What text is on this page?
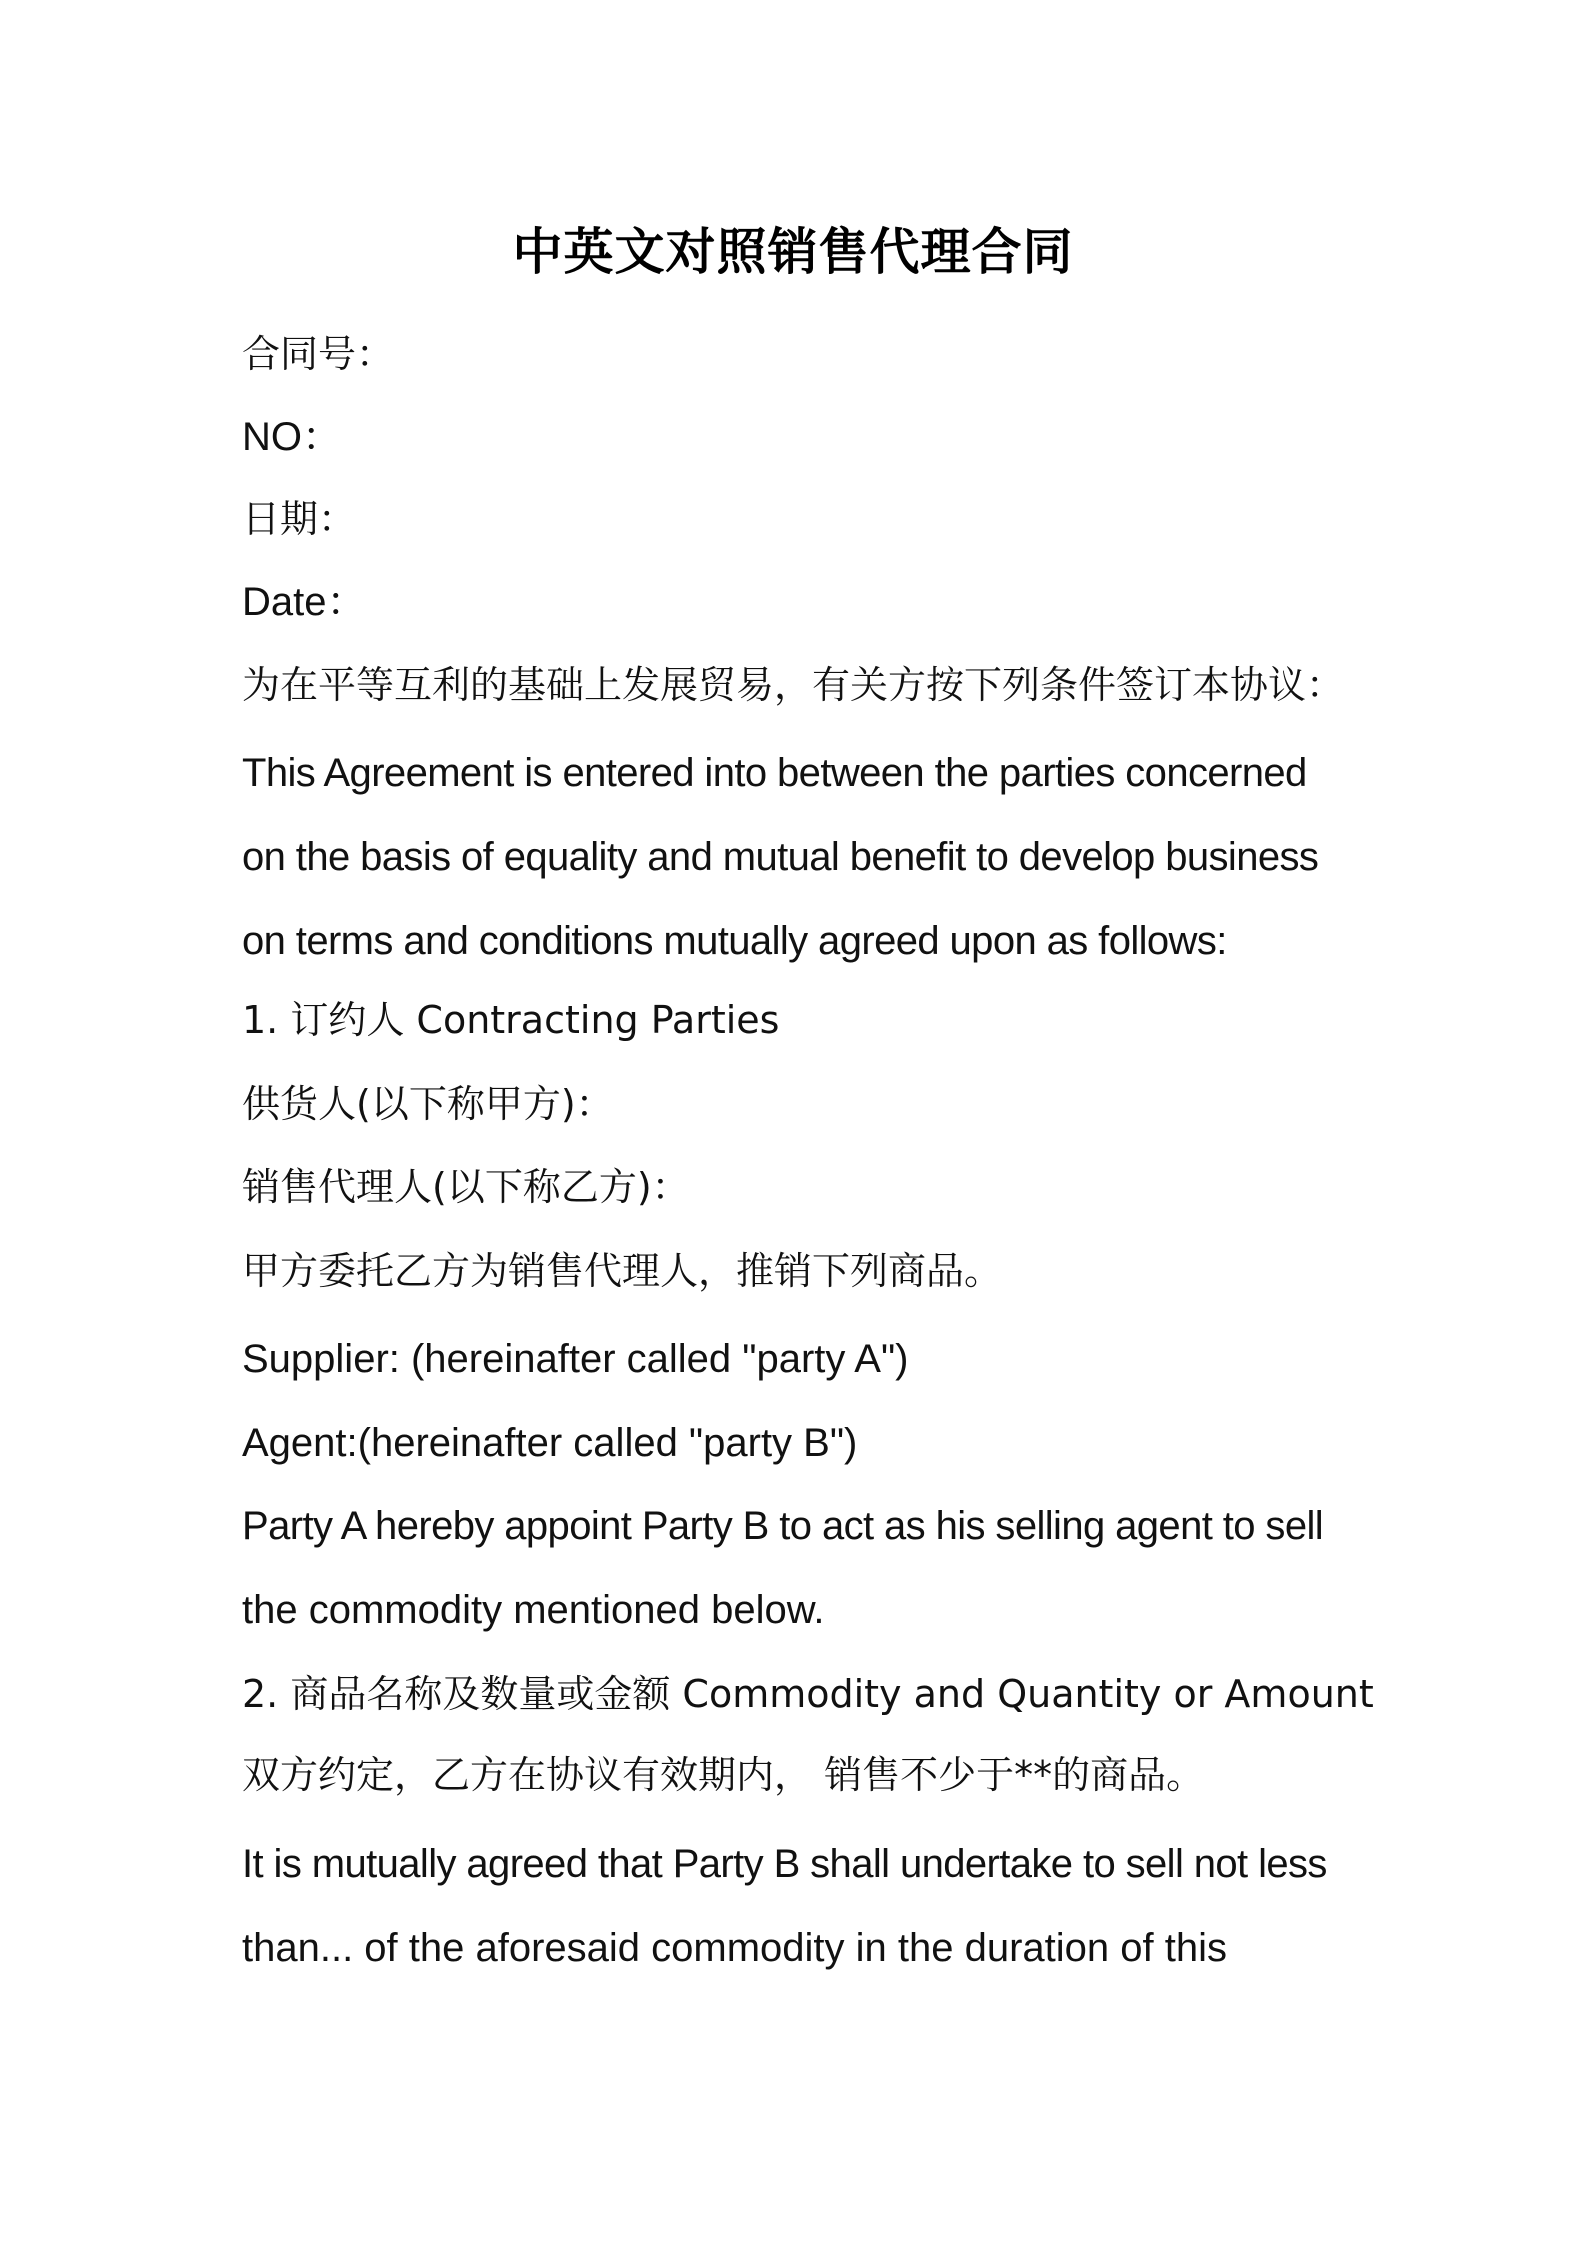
中英文对照销售代理合同
合同号：
NO：
日期：
Date：
为在平等互利的基础上发展贸易，有关方按下列条件签订本协议：
This Agreement is entered into between the parties concerned
on the basis of equality and mutual benefit to develop business
on terms and conditions mutually agreed upon as follows:
1. 订约人 Contracting Parties
供货人(以下称甲方)：
销售代理人(以下称乙方)：
甲方委托乙方为销售代理人，推销下列商品。
Supplier: (hereinafter called "party A")
Agent:(hereinafter called "party B")
Party A hereby appoint Party B to act as his selling agent to sell
the commodity mentioned below.
2. 商品名称及数量或金额 Commodity and Quantity or Amount
双方约定，乙方在协议有效期内， 销售不少于**的商品。
It is mutually agreed that Party B shall undertake to sell not less
than... of the aforesaid commodity in the duration of this
